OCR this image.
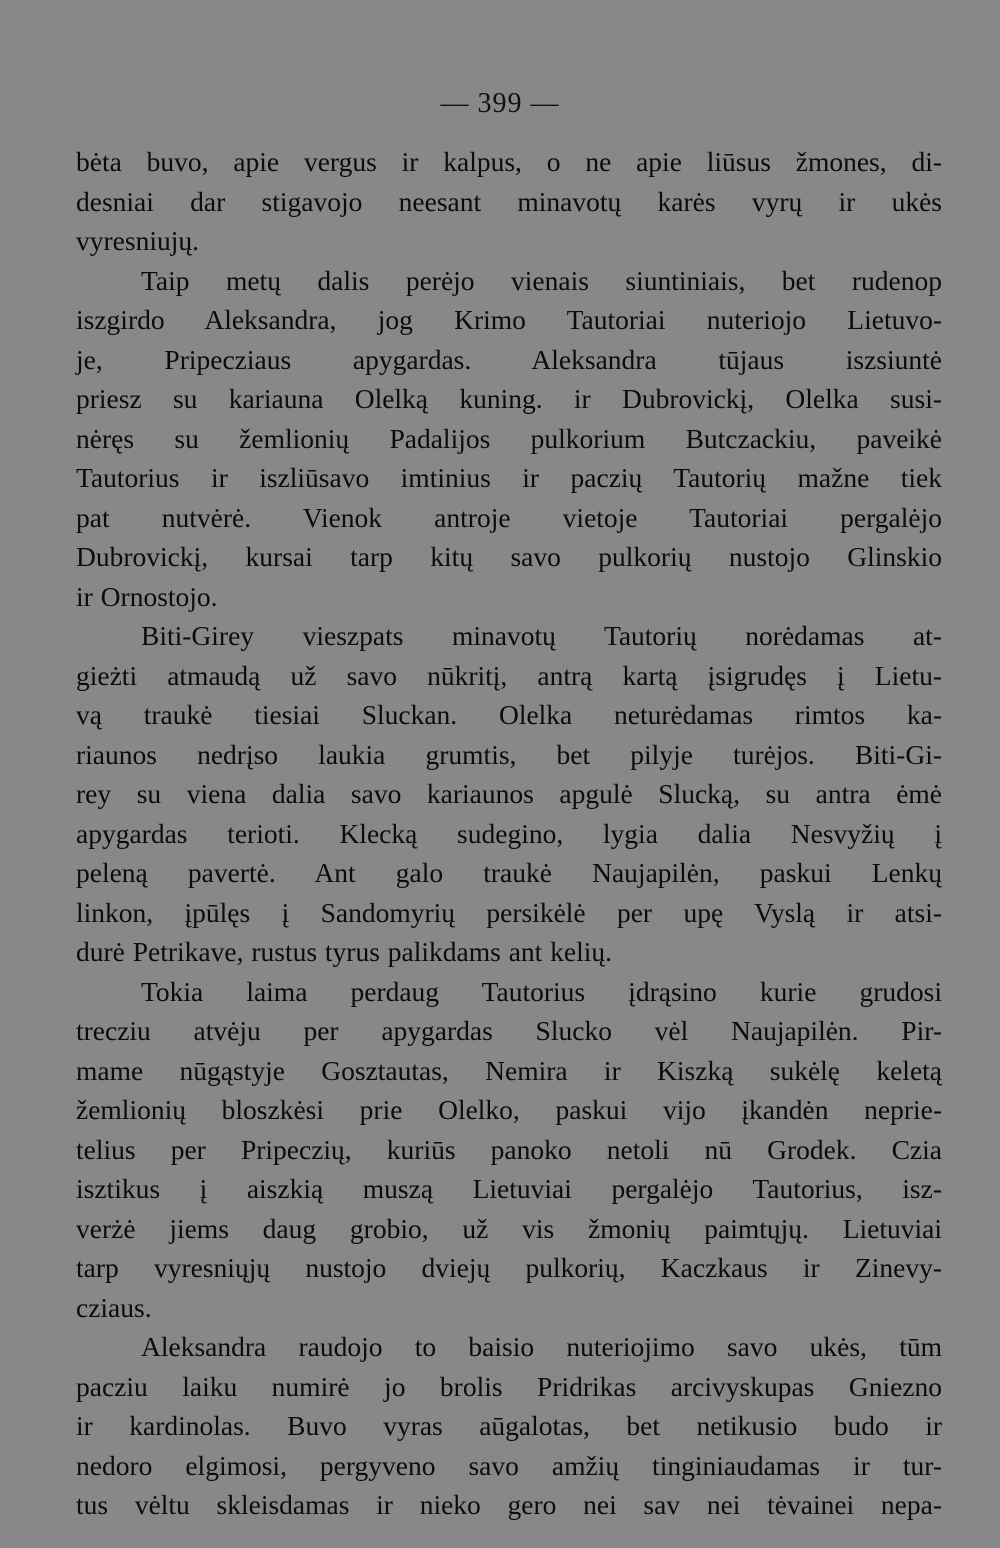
— 399 —
bėta buvo, apie vergus ir kalpus, o ne apie liūsus žmones, di-
desniai dar stigavojo neesant minavotų karės vyrų ir ukės
vyresniujų.
Taip metų dalis perėjo vienais siuntiniais, bet rudenop
iszgirdo Aleksandra, jog Krimo Tautoriai nuteriojo Lietuvo-
je, Pripecziaus apygardas. Aleksandra tūjaus iszsiuntė
priesz su kariauna Olelką kuning. ir Dubrovickį, Olelka susi-
nėręs su žemlionių Padalijos pulkorium Butczackiu, paveikė
Tautorius ir iszliūsavo imtinius ir paczių Tautorių mažne tiek
pat nutvėrė. Vienok antroje vietoje Tautoriai pergalėjo
Dubrovickį, kursai tarp kitų savo pulkorių nustojo Glinskio
ir Ornostojo.
Biti-Girey vieszpats minavotų Tautorių norėdamas at-
gieżti atmaudą už savo nūkritį, antrą kartą įsigrudęs į Lietu-
vą traukė tiesiai Sluckan. Olelka neturėdamas rimtos ka-
riaunos nedrįso laukia grumtis, bet pilyje turėjos. Biti-Gi-
rey su viena dalia savo kariaunos apgulė Slucką, su antra ėmė
apygardas terioti. Klecką sudegino, lygia dalia Nesvyžių į
peleną pavertė. Ant galo traukė Naujapilėn, paskui Lenkų
linkon, įpūlęs į Sandomyrių persikėlė per upę Vyslą ir atsi-
durė Petrikave, rustus tyrus palikdams ant kelių.
Tokia laima perdaug Tautorius įdrąsino kurie grudosi
trecziu atvėju per apygardas Slucko vėl Naujapilėn. Pir-
mame nūgąstyje Gosztautas, Nemira ir Kiszką sukėlę keletą
žemlionių bloszkėsi prie Olelko, paskui vijo įkandėn neprie-
telius per Pripeczių, kuriūs panoko netoli nū Grodek. Czia
isztikus į aiszkią muszą Lietuviai pergalėjo Tautorius, isz-
verżė jiems daug grobio, už vis žmonių paimtųjų. Lietuviai
tarp vyresniųjų nustojo dviejų pulkorių, Kaczkaus ir Zinevy-
cziaus.
Aleksandra raudojo to baisio nuteriojimo savo ukės, tūm
pacziu laiku numirė jo brolis Pridrikas arcivyskupas Gniezno
ir kardinolas. Buvo vyras aūgalotas, bet netikusio budo ir
nedoro elgimosi, pergyveno savo amžių tinginiaudamas ir tur-
tus vėltu skleisdamas ir nieko gero nei sav nei tėvainei nepa-
